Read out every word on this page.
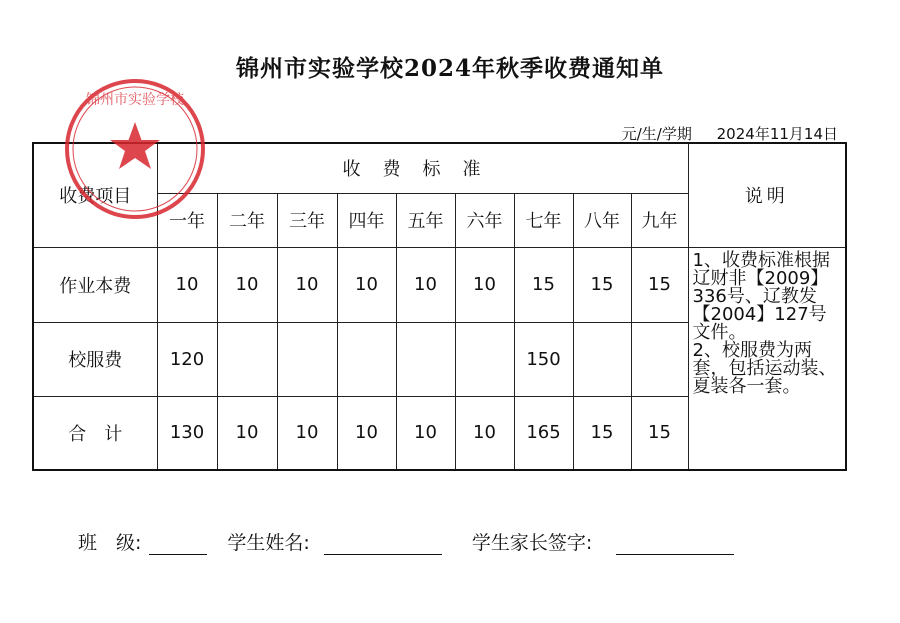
锦州市实验学校2024年秋季收费通知单
元/生/学期 2024年11月14日
收费项目	收费标准									说明
	一年	二年	三年	四年	五年	六年	七年	八年	九年	
作业本费	10	10	10	10	10	10	15	15	15	1、收费标准根据辽财非【2009】336号、辽教发【2004】127号文件。

2、校服费为两套，包括运动装、夏装各一套。

校服费	120						150			
合　计	130	10	10	10	10	10	165	15	15	
锦州市实验学校
班　级:	学生姓名:	学生家长签字:
